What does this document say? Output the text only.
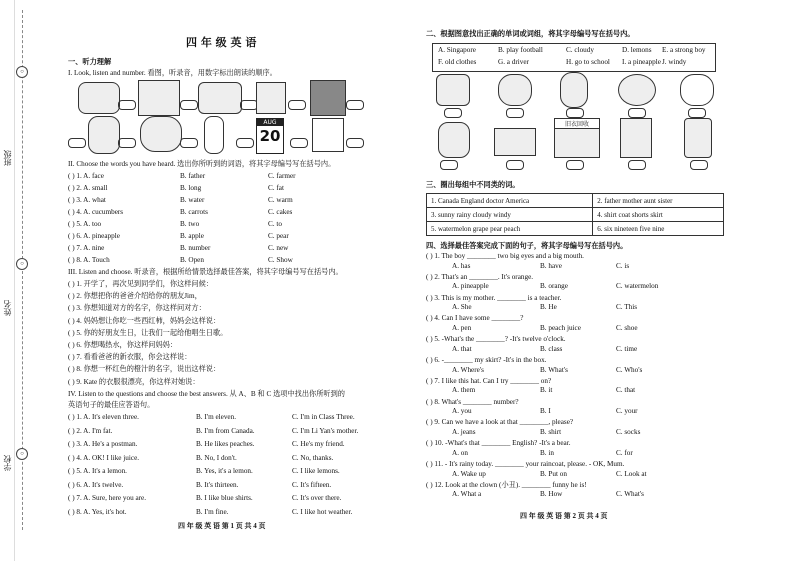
○
○
○
班级
姓名
学校
四 年 级 英 语
一、听力理解
I. Look, listen and number. 看图，听录音，用数字标出朗读的顺序。
AUG
20
II. Choose the words you have heard. 选出你所听到的词语，将其字母编号写在括号内。
( ) 1. A. face	B. father	C. farmer
( ) 2. A. small	B. long	C. fat
( ) 3. A. what	B. water	C. warm
( ) 4. A. cucumbers	B. carrots	C. cakes
( ) 5. A. too	B. two	C. to
( ) 6. A. pineapple	B. apple	C. pear
( ) 7. A. nine	B. number	C. new
( ) 8. A. Touch	B. Open	C. Show
III. Listen and choose. 听录音，根据所给情景选择最佳答案，将其字母编号写在括号内。
( ) 1. 开学了，再次见到同学们，你这样问候：
( ) 2. 你想把你的爸爸介绍给你的朋友Jim，
( ) 3. 你想知道对方的名字，你这样问对方：
( ) 4. 妈妈想让你吃一些西红柿，妈妈会这样说：
( ) 5. 你的好朋友生日，让我们一起给他唱生日歌。
( ) 6. 你想喝热水，你这样问妈妈：
( ) 7. 看看爸爸的新衣服，你会这样说：
( ) 8. 你想一杯红色的橙汁的名字，说出这样说：
( ) 9. Kate 的衣服很漂亮，你这样对她说：
IV. Listen to the questions and choose the best answers. 从 A、B 和 C 选项中找出你所听到的
英语句子的最佳应答语句。
( ) 1. A. It's eleven three.	B. I'm eleven.	C. I'm in Class Three.
( ) 2. A. I'm fat.	B. I'm from Canada.	C. I'm Li Yan's mother.
( ) 3. A. He's a postman.	B. He likes peaches.	C. He's my friend.
( ) 4. A. OK! I like juice.	B. No, I don't.	C. No, thanks.
( ) 5. A. It's a lemon.	B. Yes, it's a lemon.	C. I like lemons.
( ) 6. A. It's twelve.	B. It's thirteen.	C. It's fifteen.
( ) 7. A. Sure, here you are.	B. I like blue shirts.	C. It's over there.
( ) 8. A. Yes, it's hot.	B. I'm fine.	C. I like hot weather.
四 年 级 英 语 第 1 页 共 4 页
二、根据图意找出正确的单词或词组，将其字母编号写在括号内。
A. Singapore	B. play football	C. cloudy	D. lemons E. a strong boy
F. old clothes	G. a driver	H. go to school I. a pineapple J. windy
旧衣回收
三、圈出每组中不同类的词。
1. Canada England doctor America	2. father mother aunt sister
3. sunny rainy cloudy windy	4. shirt coat shorts skirt
5. watermelon grape pear peach	6. six nineteen five nine
四、选择最佳答案完成下面的句子，将其字母编号写在括号内。
( ) 1. The boy ________ two big eyes and a big mouth.
A. has	B. have	C. is
( ) 2. That's an ________. It's orange.
A. pineapple	B. orange	C. watermelon
( ) 3. This is my mother. ________ is a teacher.
A. She	B. He	C. This
( ) 4. Can I have some ________?
A. pen	B. peach juice	C. shoe
( ) 5. -What's the ________? -It's twelve o'clock.
A. that	B. class	C. time
( ) 6. -________ my skirt? -It's in the box.
A. Where's	B. What's	C. Who's
( ) 7. I like this hat. Can I try ________ on?
A. them	B. it	C. that
( ) 8. What's ________ number?
A. you	B. I	C. your
( ) 9. Can we have a look at that ________, please?
A. jeans	B. shirt	C. socks
( ) 10. -What's that ________ English? -It's a bear.
A. on	B. in	C. for
( ) 11. - It's rainy today. ________ your raincoat, please. - OK, Mum.
A. Wake up	B. Put on	C. Look at
( ) 12. Look at the clown (小丑). ________ funny he is!
A. What a	B. How	C. What's
四 年 级 英 语 第 2 页 共 4 页
